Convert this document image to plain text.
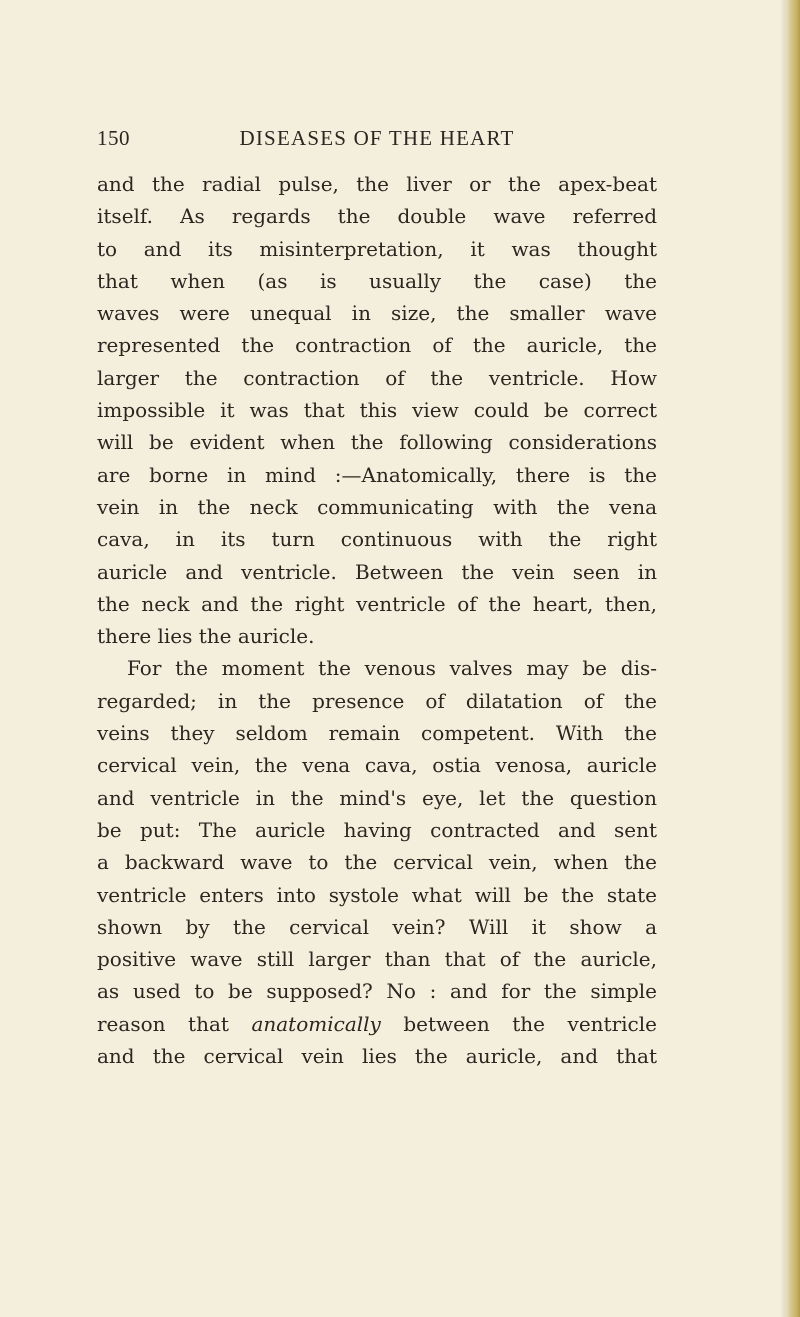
150	DISEASES OF THE HEART
and the radial pulse, the liver or the apex-beat
itself. As regards the double wave referred
to and its misinterpretation, it was thought
that when (as is usually the case) the
waves were unequal in size, the smaller wave
represented the contraction of the auricle, the
larger the contraction of the ventricle. How
impossible it was that this view could be correct
will be evident when the following considerations
are borne in mind :—Anatomically, there is the
vein in the neck communicating with the vena
cava, in its turn continuous with the right
auricle and ventricle. Between the vein seen in
the neck and the right ventricle of the heart, then,
there lies the auricle.
For the moment the venous valves may be dis-
regarded; in the presence of dilatation of the
veins they seldom remain competent. With the
cervical vein, the vena cava, ostia venosa, auricle
and ventricle in the mind's eye, let the question
be put: The auricle having contracted and sent
a backward wave to the cervical vein, when the
ventricle enters into systole what will be the state
shown by the cervical vein? Will it show a
positive wave still larger than that of the auricle,
as used to be supposed? No : and for the simple
reason that anatomically between the ventricle
and the cervical vein lies the auricle, and that
